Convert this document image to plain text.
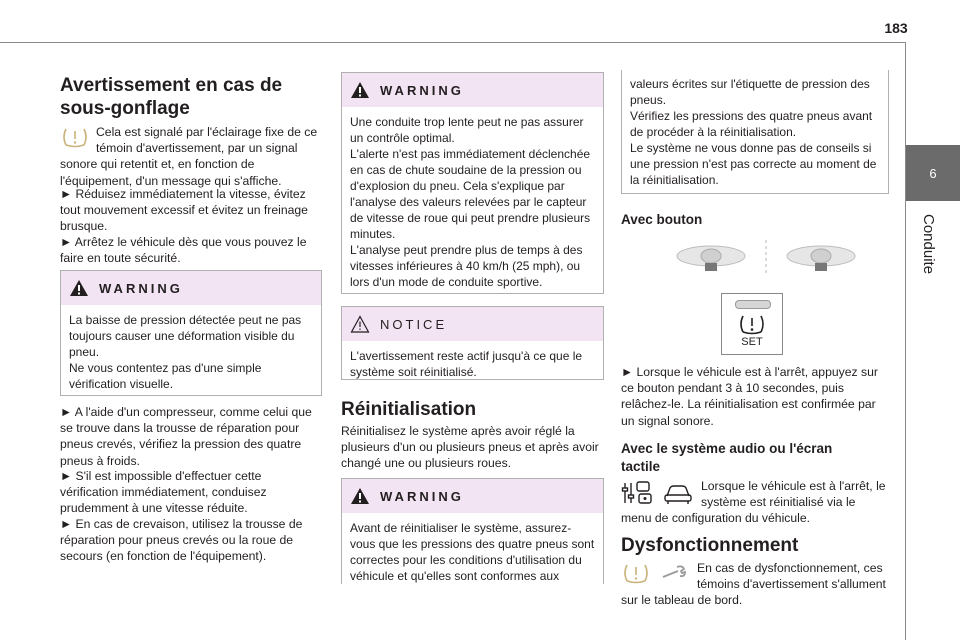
183
6
Conduite
Avertissement en cas de
sous-gonflage

Cela est signalé par l'éclairage fixe de ce témoin d'avertissement, par un signal sonore qui retentit et, en fonction de l'équipement, d'un message qui s'affiche.

► Réduisez immédiatement la vitesse, évitez tout mouvement excessif et évitez un freinage brusque.

► Arrêtez le véhicule dès que vous pouvez le faire en toute sécurité.

WARNING

La baisse de pression détectée peut ne pas toujours causer une déformation visible du pneu.

Ne vous contentez pas d'une simple vérification visuelle.

► A l'aide d'un compresseur, comme celui que se trouve dans la trousse de réparation pour pneus crevés, vérifiez la pression des quatre pneus à froids.

► S'il est impossible d'effectuer cette vérification immédiatement, conduisez prudemment à une vitesse réduite.

► En cas de crevaison, utilisez la trousse de réparation pour pneus crevés ou la roue de secours (en fonction de l'équipement).

WARNING

Une conduite trop lente peut ne pas assurer un contrôle optimal.

L'alerte n'est pas immédiatement déclenchée en cas de chute soudaine de la pression ou d'explosion du pneu. Cela s'explique par l'analyse des valeurs relevées par le capteur de vitesse de roue qui peut prendre plusieurs minutes.

L'analyse peut prendre plus de temps à des vitesses inférieures à 40 km/h (25 mph), ou lors d'un mode de conduite sportive.

NOTICE

L'avertissement reste actif jusqu'à ce que le système soit réinitialisé.

Réinitialisation

Réinitialisez le système après avoir réglé la plusieurs d'un ou plusieurs pneus et après avoir changé une ou plusieurs roues.

WARNING

Avant de réinitialiser le système, assurez-vous que les pressions des quatre pneus sont correctes pour les conditions d'utilisation du véhicule et qu'elles sont conformes aux

valeurs écrites sur l'étiquette de pression des pneus.

Vérifiez les pressions des quatre pneus avant de procéder à la réinitialisation.

Le système ne vous donne pas de conseils si une pression n'est pas correcte au moment de la réinitialisation.

Avec bouton
SET

► Lorsque le véhicule est à l'arrêt, appuyez sur ce bouton pendant 3 à 10 secondes, puis relâchez-le. La réinitialisation est confirmée par un signal sonore.

Avec le système audio ou l'écran
tactile

Lorsque le véhicule est à l'arrêt, le système est réinitialisé via le menu de configuration du véhicule.

Dysfonctionnement

En cas de dysfonctionnement, ces témoins d'avertissement s'allument sur le tableau de bord.
